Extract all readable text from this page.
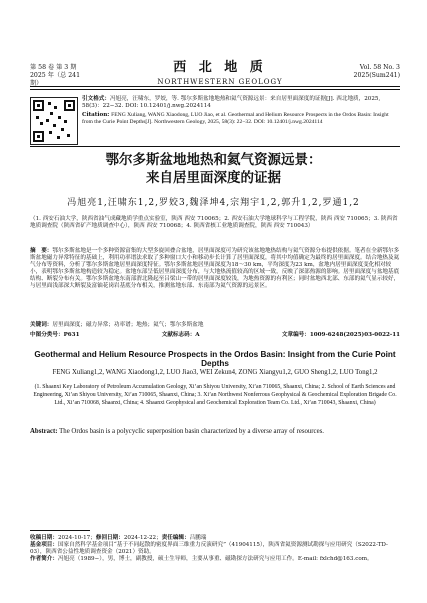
第 58 卷 第 3 期
2025 年（总 241 期）
西 北 地 质
NORTHWESTERN GEOLOGY
Vol. 58 No. 3
2025(Sum241)
引文格式：冯旭亮，汪啸东，罗姣，等. 鄂尔多斯盆地地热和氦气资源远景：来自居里面深度的证据[J]. 西北地质，2025, 58(3)：22−32. DOI: 10.12401/j.nwg.2024114
Citation: FENG Xuliang, WANG Xiaodong, LUO Jiao, et al. Geothermal and Helium Resource Prospects in the Ordos Basin: Insight from the Curie Point Depths[J]. Northwestern Geology, 2025, 58(3): 22−32. DOI: 10.12401/j.nwg.2024114
鄂尔多斯盆地地热和氦气资源远景：
来自居里面深度的证据
冯旭亮1,汪啸东1,2,罗姣3,魏泽坤4,宗翔宇1,2,郭升1,2,罗通1,2
（1. 西安石油大学，陕西省油气成藏地质学重点实验室，陕西 西安 710065；2. 西安石油大学地球科学与工程学院，陕西 西安 710065；3. 陕西省地质调查院（陕西省矿产地质调查中心），陕西 西安 710068；4. 陕西省核工业地质调查院，陕西 西安 710043）
摘　要：鄂尔多斯盆地是一个多种资源富集的大型多旋回叠合盆地，居里面深度可为研究该盆地地热结构与氦气资源分布提供依据。笔者在全新鄂尔多斯盆地磁力异常特征的基础上，利用功率谱法求取了多种窗口大小和移动步长计算了居里面深度，将其中均值确定为最终的居里面深度。结合地热及氦气分布等资料，分析了鄂尔多斯盆地居里面深度特征。鄂尔多斯盆地居里面深度为18～30 km，平均深度为23 km，盆地内居里面深度变化相对较小，表明鄂尔多斯盆地构造较为稳定。盆地东部呈低居里面深度分布，与大地热流值较高的区域一致，反映了深部热源的影响。居里面深度与盆地基底结构、断裂分布有关。鄂尔多斯盆地东南部渭北隆起至吕梁山一带的居里面深度较浅，为地热资源的有利区；同时盆地西北部、东部的氦气显示较好，与居里面浅部深大断裂及富铀花岗岩基底分布相关，推测盆地东部、东南部为氦气资源的远景区。
关键词：居里面深度；磁力异常；功率谱；地热；氦气；鄂尔多斯盆地
中图分类号：P631	文献标志码：A	文章编号：1009-6248(2025)03-0022-11
Geothermal and Helium Resource Prospects in the Ordos Basin: Insight from the Curie Point Depths
FENG Xuliang1,2, WANG Xiaodong1,2, LUO Jiao3, WEI Zekun4, ZONG Xiangyu1,2, GUO Sheng1,2, LUO Tong1,2
(1. Shaanxi Key Laboratory of Petroleum Accumulation Geology, Xi’an Shiyou University, Xi’an 710065, Shaanxi, China; 2. School of Earth Sciences and Engineering, Xi’an Shiyou University, Xi’an 710065, Shaanxi, China; 3. Xi’an Northwest Nonferrous Geophysical & Geochemical Exploration Brigade Co. Ltd., Xi’an 710068, Shaanxi, China; 4. Shaanxi Geophysical and Geochemical Exploration Team Co. Ltd., Xi’an 710043, Shaanxi, China)
Abstract: The Ordos basin is a polycyclic superposition basin characterized by a diverse array of resources.
收稿日期：2024-10-17；修回日期：2024-12-22；责任编辑：吕鹏瑞
基金项目：国家自然科学基金项目“基于不同起散的密度界面三维重力反演研究”（41904115），陕西省氦资源测试勘探与应用研究（S2022-TD-03），陕西省公益性地质调查资金（2021）资助。
作者简介：冯旭亮（1989−），男，博士，副教授，硕士生导师，主要从事重、磁勘探方法研究与应用工作。E-mail: fxlchd@163.com。
